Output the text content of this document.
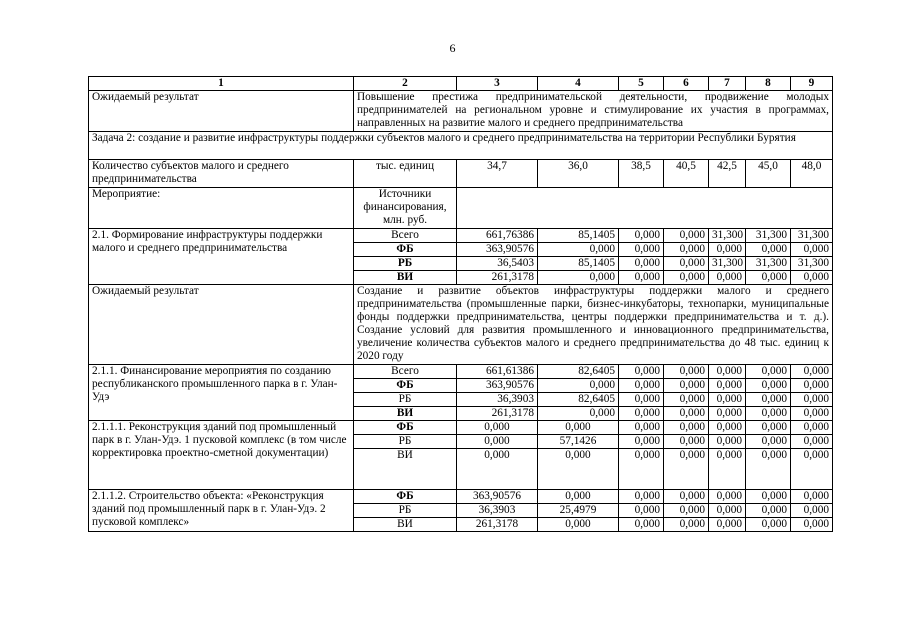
6
1	2	3	4	5	6	7	8	9
Ожидаемый результат	Повышение престижа предпринимательской деятельности, продвижение молодых предпринимателей на региональном уровне и стимулирование их участия в программах, направленных на развитие малого и среднего предпринимательства							
Задача 2: создание и развитие инфраструктуры поддержки субъектов малого и среднего предпринимательства на территории Республики Бурятия								
Количество субъектов малого и среднего предпринимательства	тыс. единиц	34,7	36,0	38,5	40,5	42,5	45,0	48,0
Мероприятие:	Источники финансирования, млн. руб.							
2.1. Формирование инфраструктуры поддержки малого и среднего предпринимательства	Всего	661,76386	85,1405	0,000	0,000	31,300	31,300	31,300
	ФБ	363,90576	0,000	0,000	0,000	0,000	0,000	0,000
	РБ	36,5403	85,1405	0,000	0,000	31,300	31,300	31,300
	ВИ	261,3178	0,000	0,000	0,000	0,000	0,000	0,000
Ожидаемый результат	Создание и развитие объектов инфраструктуры поддержки малого и среднего предпринимательства (промышленные парки, бизнес-инкубаторы, технопарки, муниципальные фонды поддержки предпринимательства, центры поддержки предпринимательства и т. д.). Создание условий для развития промышленного и инновационного предпринимательства, увеличение количества субъектов малого и среднего предпринимательства до 48 тыс. единиц к 2020 году							
2.1.1. Финансирование мероприятия по созданию республиканского промышленного парка в г. Улан-Удэ	Всего	661,61386	82,6405	0,000	0,000	0,000	0,000	0,000
	ФБ	363,90576	0,000	0,000	0,000	0,000	0,000	0,000
	РБ	36,3903	82,6405	0,000	0,000	0,000	0,000	0,000
	ВИ	261,3178	0,000	0,000	0,000	0,000	0,000	0,000
2.1.1.1. Реконструкция зданий под промышленный парк в г. Улан-Удэ. 1 пусковой комплекс (в том числе корректировка проектно-сметной документации)	ФБ	0,000	0,000	0,000	0,000	0,000	0,000	0,000
	РБ	0,000	57,1426	0,000	0,000	0,000	0,000	0,000
	ВИ	0,000	0,000	0,000	0,000	0,000	0,000	0,000
2.1.1.2. Строительство объекта: «Реконструкция зданий под промышленный парк в г. Улан-Удэ. 2 пусковой комплекс»	ФБ	363,90576	0,000	0,000	0,000	0,000	0,000	0,000
	РБ	36,3903	25,4979	0,000	0,000	0,000	0,000	0,000
	ВИ	261,3178	0,000	0,000	0,000	0,000	0,000	0,000
